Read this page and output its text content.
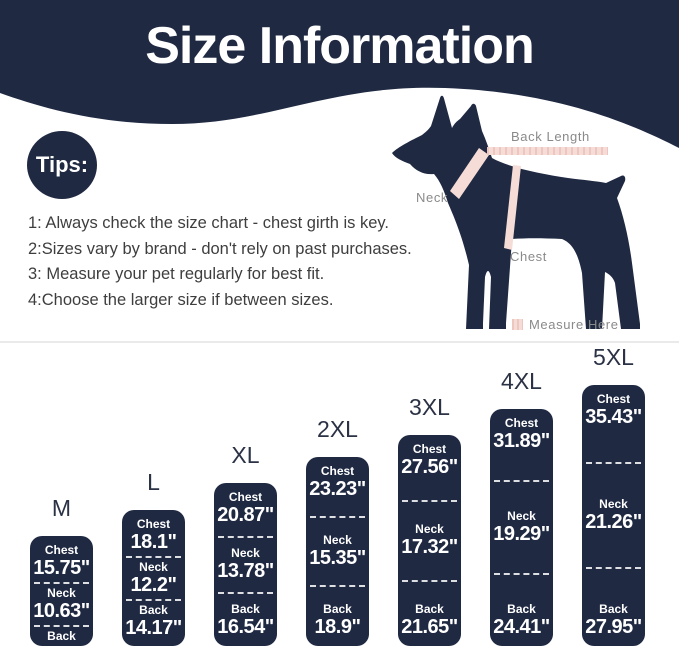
Size Information
Tips:
1: Always check the size chart - chest girth is key.
2:Sizes vary by brand - don't rely on past purchases.
3: Measure your pet regularly for best fit.
4:Choose the larger size if between sizes.
Back Length
Neck
Chest
Measure Here
M
Chest
15.75"
Neck
10.63"
Back
12.2"
L
Chest
18.1"
Neck
12.2"
Back
14.17"
XL
Chest
20.87"
Neck
13.78"
Back
16.54"
2XL
Chest
23.23"
Neck
15.35"
Back
18.9"
3XL
Chest
27.56"
Neck
17.32"
Back
21.65"
4XL
Chest
31.89"
Neck
19.29"
Back
24.41"
5XL
Chest
35.43"
Neck
21.26"
Back
27.95"
